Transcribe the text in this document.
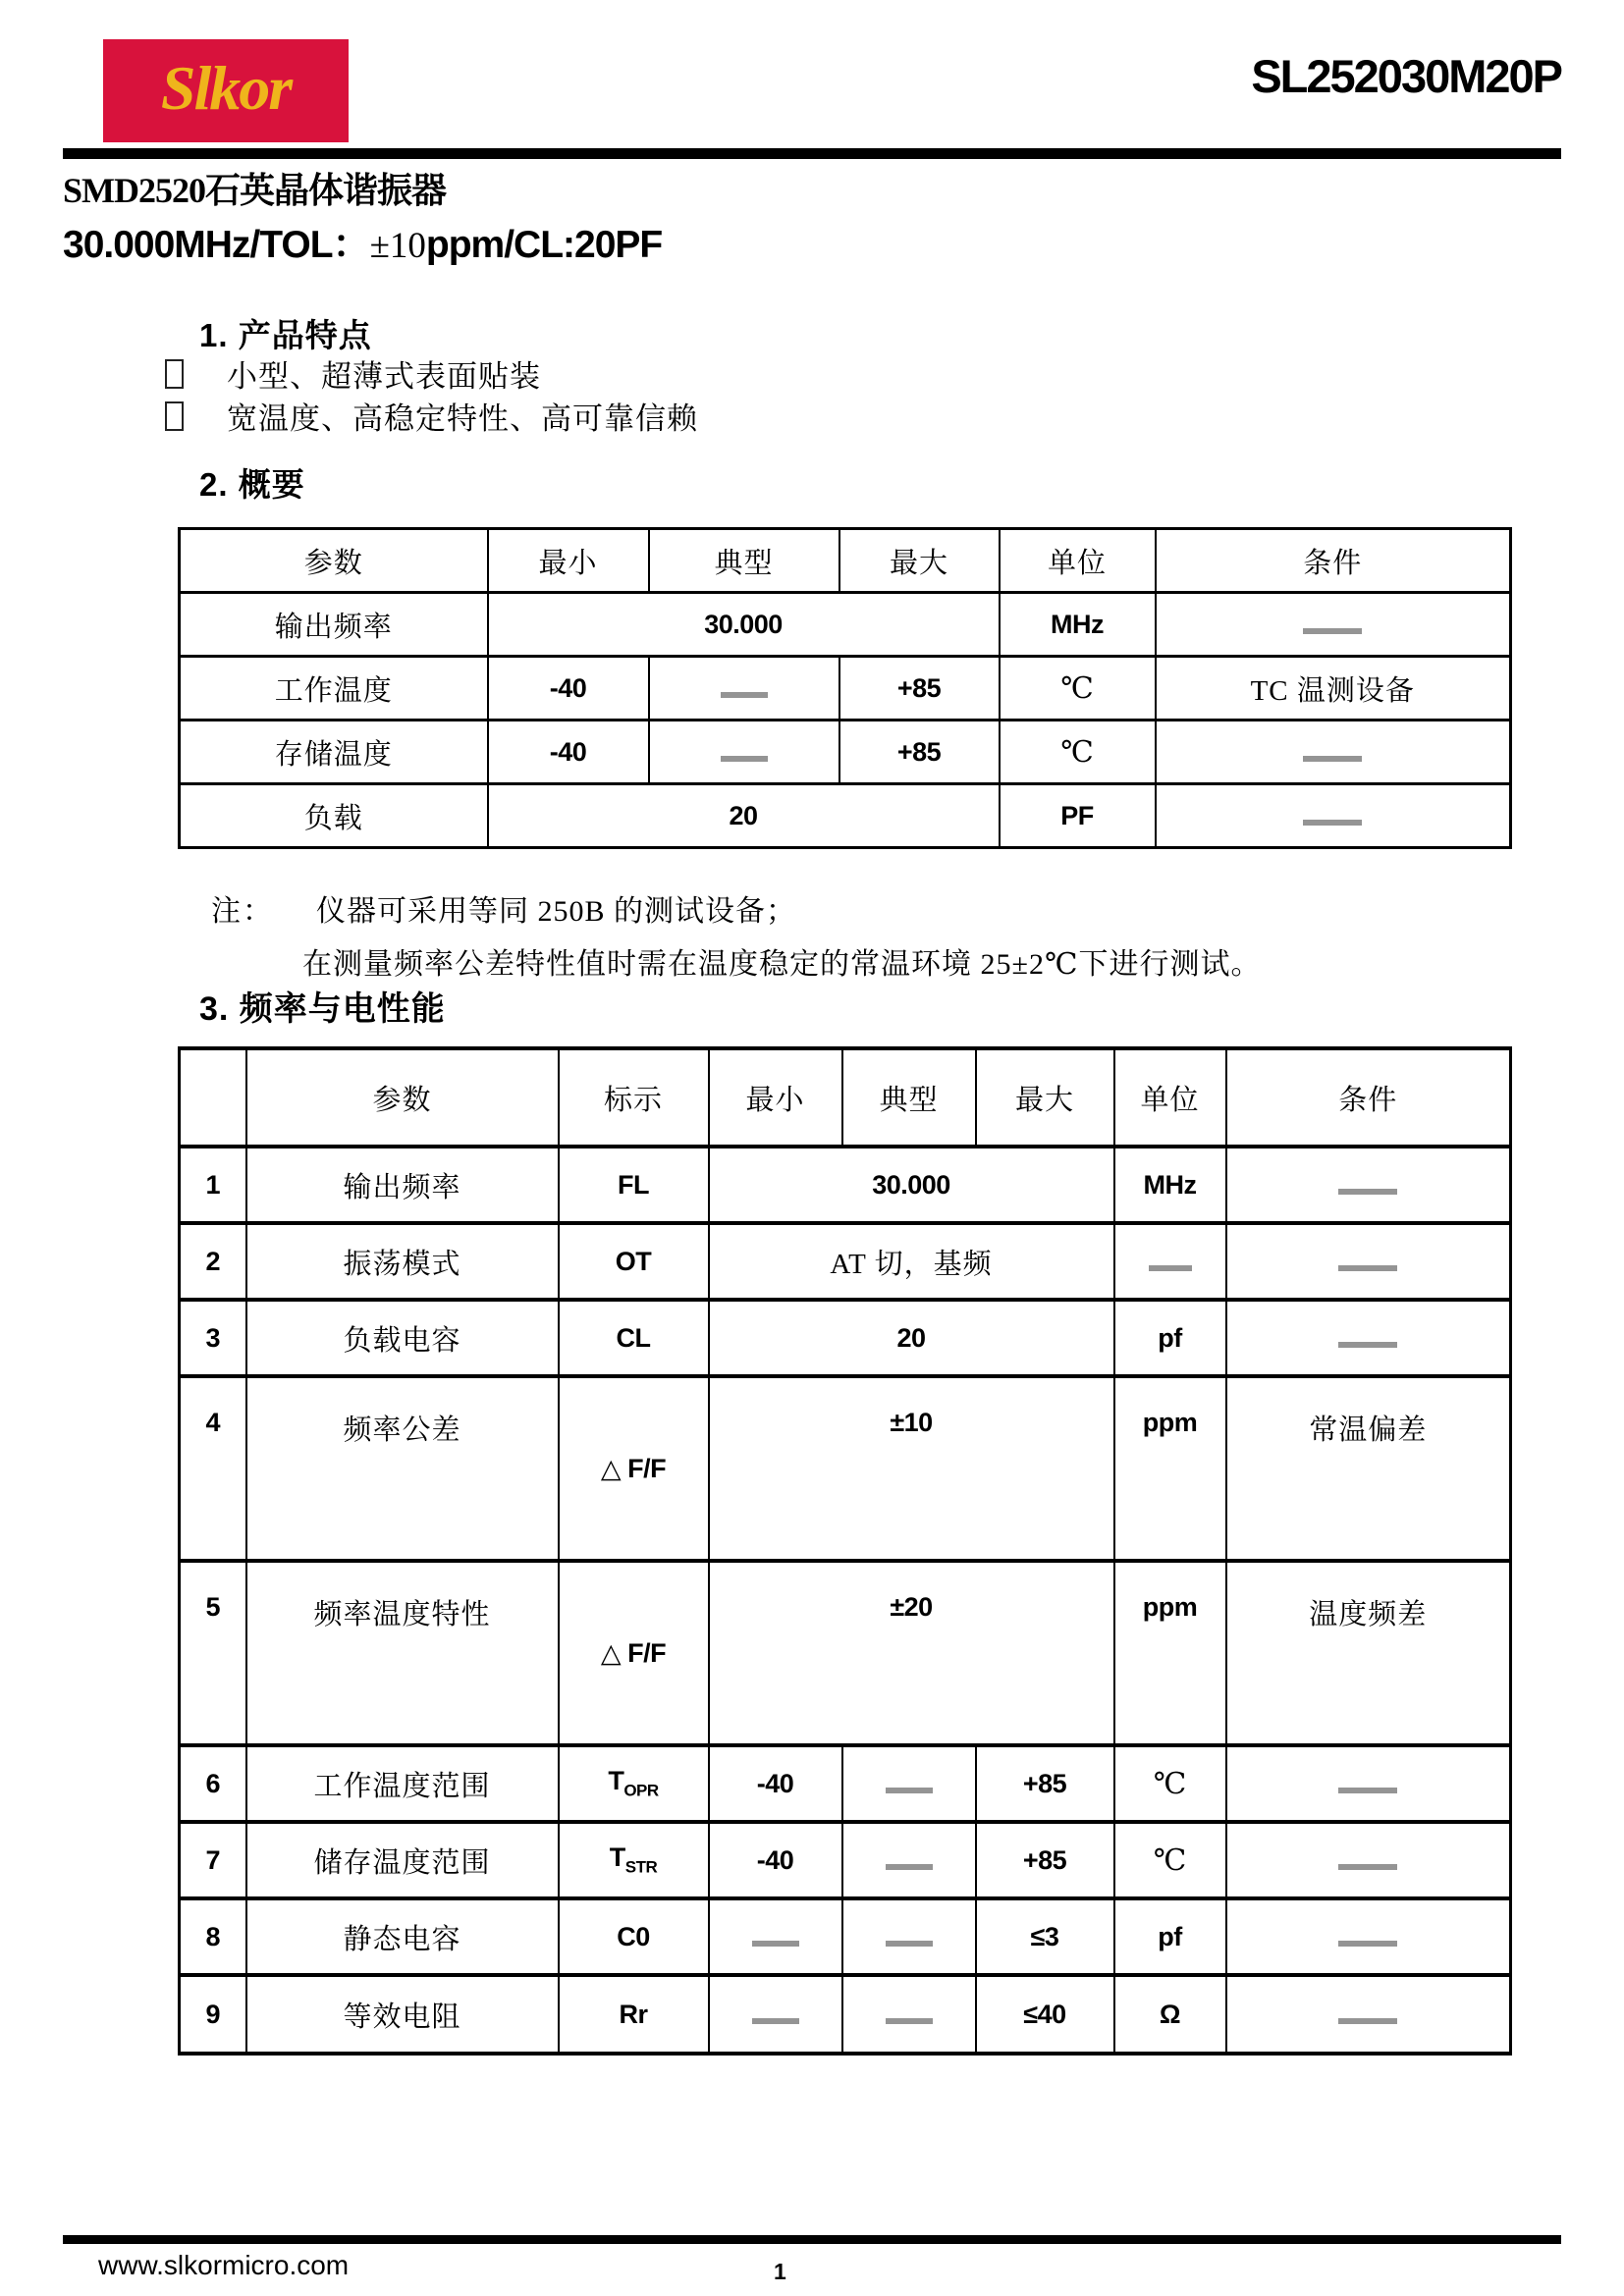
Slkor	SL252030M20P
SMD2520石英晶体谐振器
30.000MHz/TOL：±10ppm/CL:20PF
1. 产品特点
小型、超薄式表面贴装
宽温度、高稳定特性、高可靠信赖
2. 概要
参数	最小	典型	最大	单位	条件
输出频率	30.000			MHz	
工作温度	-40		+85	℃	TC 温测设备
存储温度	-40		+85	℃	
负载	20			PF	
注： 仪器可采用等同 250B 的测试设备；
在测量频率公差特性值时需在温度稳定的常温环境 25±2℃下进行测试。
3. 频率与电性能
	参数	标示	最小	典型	最大	单位	条件
1	输出频率	FL	30.000			MHz	
2	振荡模式	OT	AT 切，基频		
3	负载电容	CL	20			pf	
4	频率公差	△ F/F	±10			ppm	常温偏差
5	频率温度特性	△ F/F	±20			ppm	温度频差
6	工作温度范围	$T_{OPR}$	-40		+85	℃	
7	储存温度范围	$T_{STR}$	-40		+85	℃	
8	静态电容	C0			≤3	pf	
9	等效电阻	Rr			≤40	Ω	
www.slkormicro.com	1
